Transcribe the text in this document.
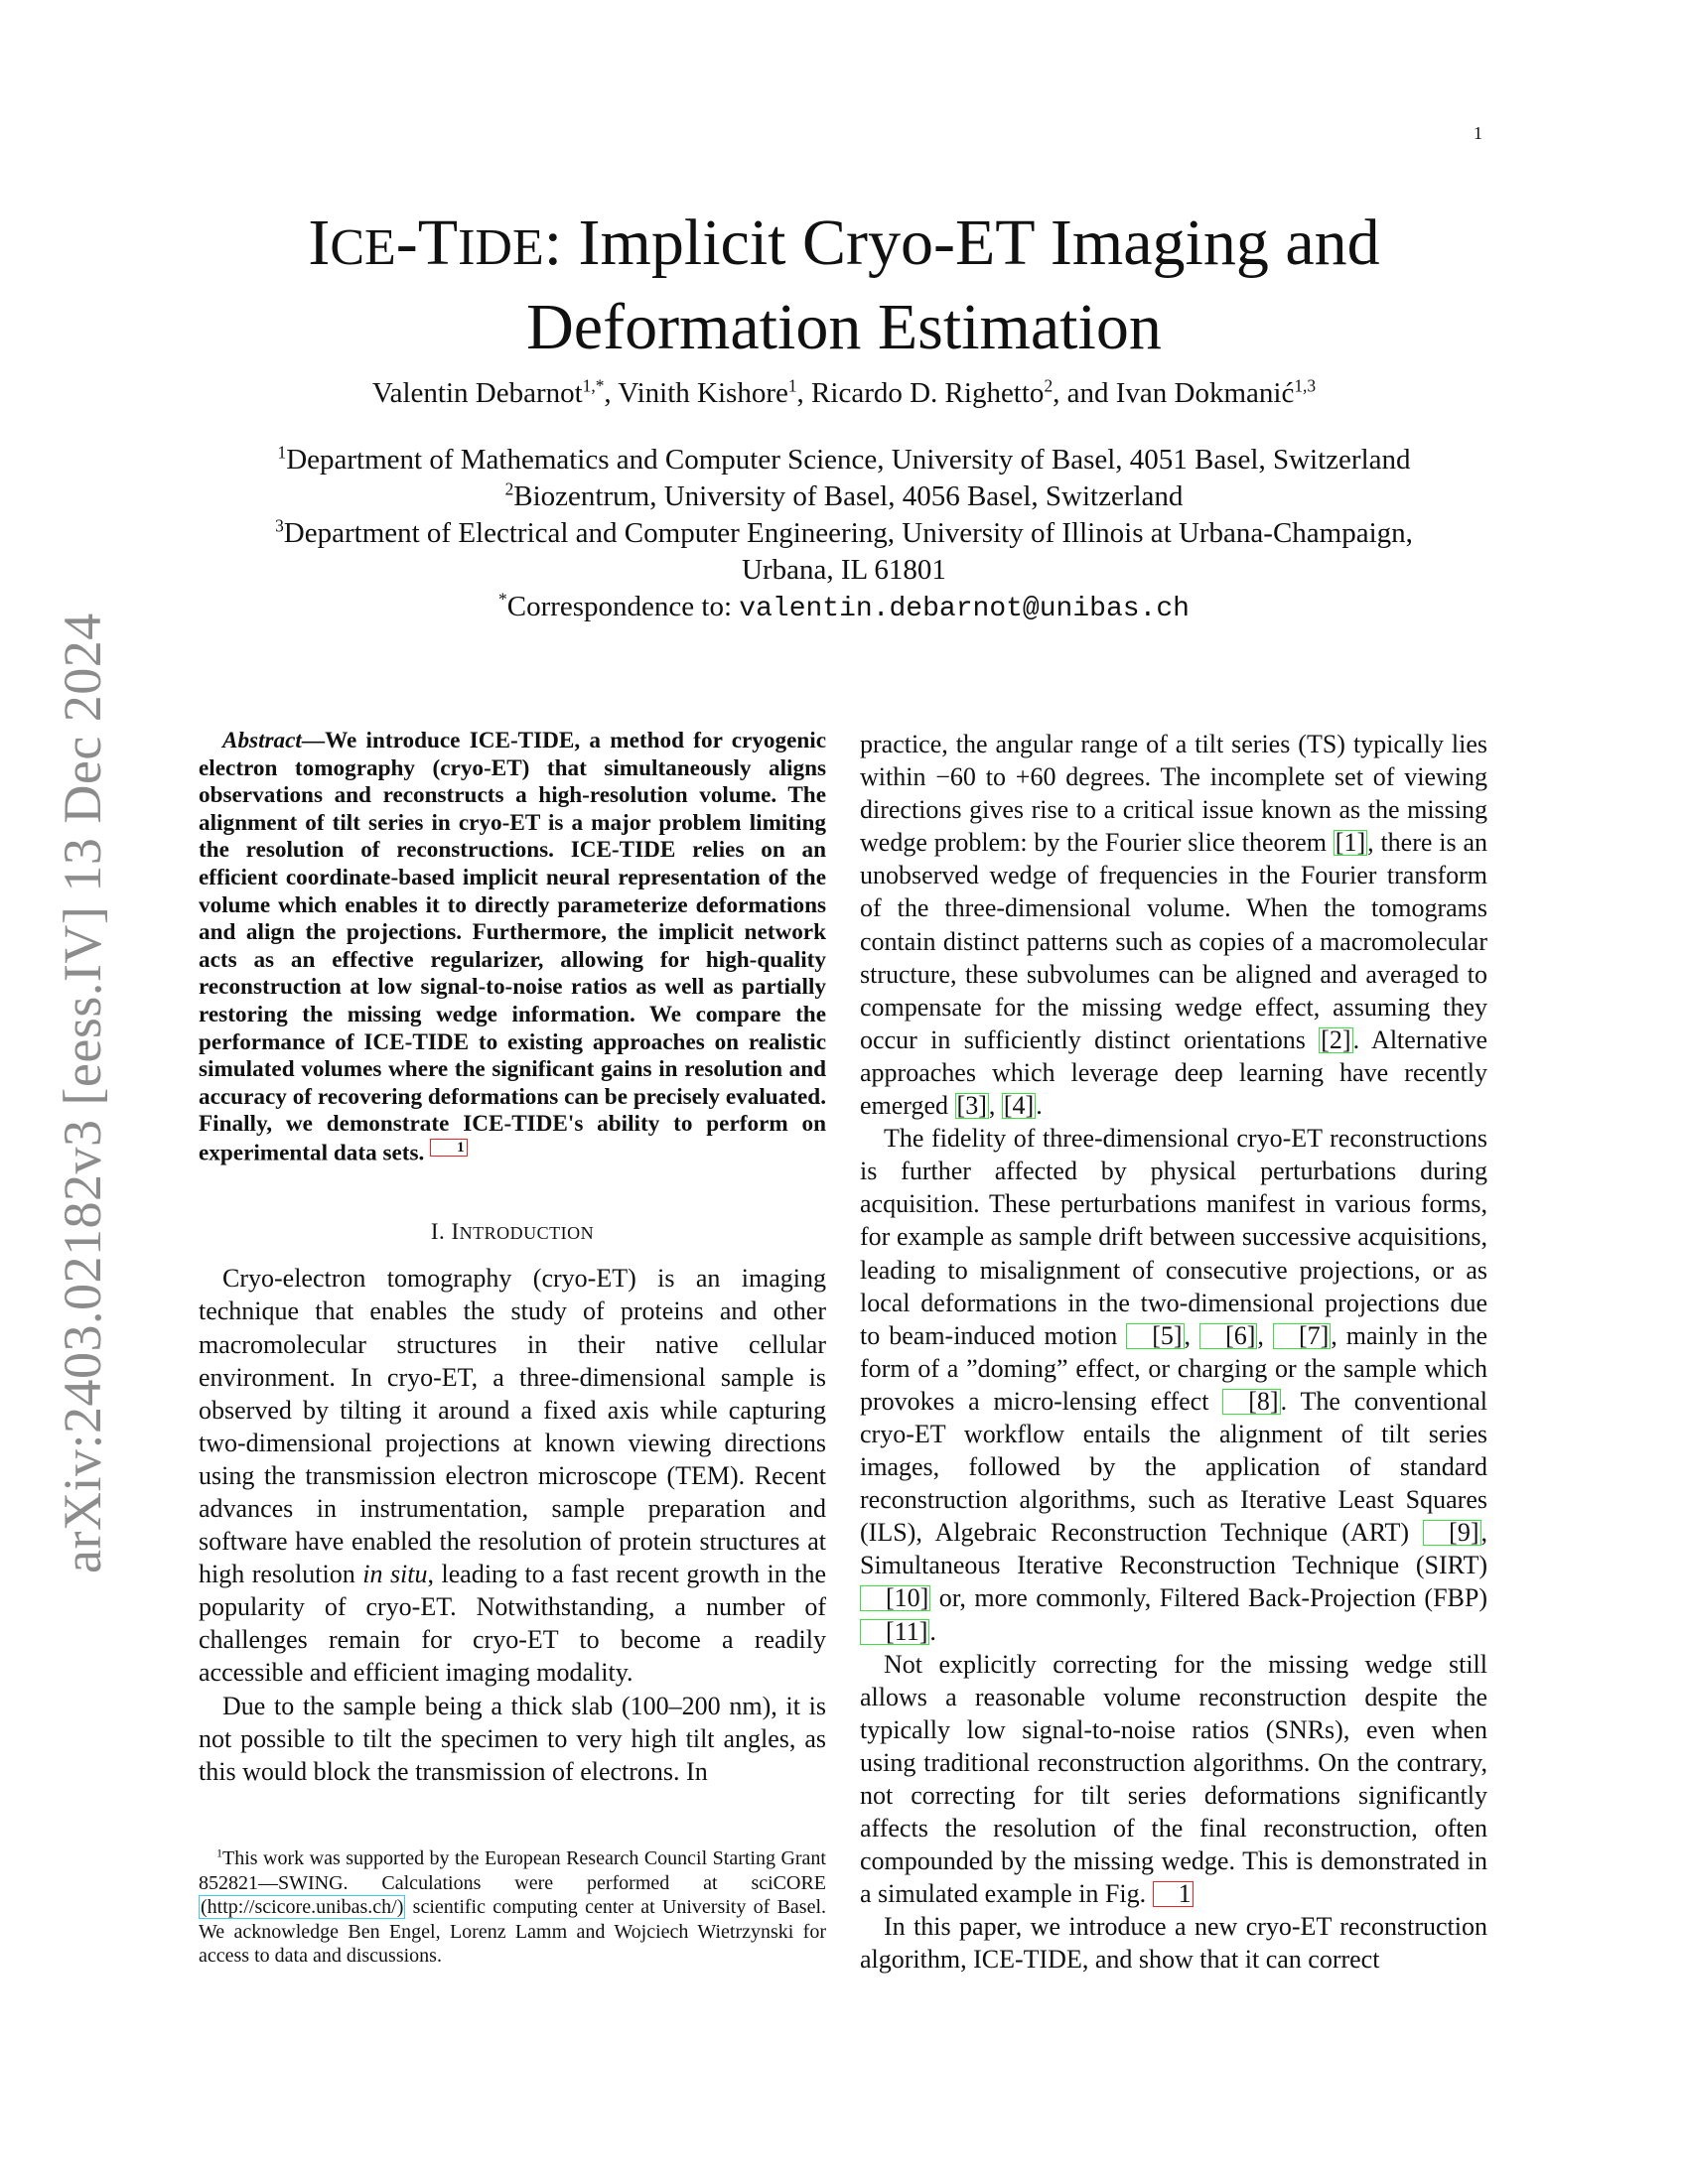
1
arXiv:2403.02182v3 [eess.IV] 13 Dec 2024
ICE-TIDE: Implicit Cryo-ET Imaging and
Deformation Estimation
Valentin Debarnot$^{1,*}$, Vinith Kishore$^1$, Ricardo D. Righetto$^2$, and Ivan Dokmanić$^{1,3}$

$^1$Department of Mathematics and Computer Science, University of Basel, 4051 Basel, Switzerland

$^2$Biozentrum, University of Basel, 4056 Basel, Switzerland

$^3$Department of Electrical and Computer Engineering, University of Illinois at Urbana-Champaign,

Urbana, IL 61801

*Correspondence to: valentin.debarnot@unibas.ch

Abstract—We introduce ICE-TIDE, a method for cryogenic electron tomography (cryo-ET) that simultaneously aligns observations and reconstructs a high-resolution volume. The alignment of tilt series in cryo-ET is a major problem limiting the resolution of reconstructions. ICE-TIDE relies on an efficient coordinate-based implicit neural representation of the volume which enables it to directly parameterize deformations and align the projections. Furthermore, the implicit network acts as an effective regularizer, allowing for high-quality reconstruction at low signal-to-noise ratios as well as partially restoring the missing wedge information. We compare the performance of ICE-TIDE to existing approaches on realistic simulated volumes where the significant gains in resolution and accuracy of recovering deformations can be precisely evaluated. Finally, we demonstrate ICE-TIDE's ability to perform on experimental data sets. 1

I. INTRODUCTION

Cryo-electron tomography (cryo-ET) is an imaging technique that enables the study of proteins and other macromolecular structures in their native cellular environment. In cryo-ET, a three-dimensional sample is observed by tilting it around a fixed axis while capturing two-dimensional projections at known viewing directions using the transmission electron microscope (TEM). Recent advances in instrumentation, sample preparation and software have enabled the resolution of protein structures at high resolution in situ, leading to a fast recent growth in the popularity of cryo-ET. Notwithstanding, a number of challenges remain for cryo-ET to become a readily accessible and efficient imaging modality.

Due to the sample being a thick slab (100–200 nm), it is not possible to tilt the specimen to very high tilt angles, as this would block the transmission of electrons. In

$^1$This work was supported by the European Research Council Starting Grant 852821—SWING. Calculations were performed at sciCORE (http://scicore.unibas.ch/) scientific computing center at University of Basel. We acknowledge Ben Engel, Lorenz Lamm and Wojciech Wietrzynski for access to data and discussions.

practice, the angular range of a tilt series (TS) typically lies within −60 to +60 degrees. The incomplete set of viewing directions gives rise to a critical issue known as the missing wedge problem: by the Fourier slice theorem [1], there is an unobserved wedge of frequencies in the Fourier transform of the three-dimensional volume. When the tomograms contain distinct patterns such as copies of a macromolecular structure, these subvolumes can be aligned and averaged to compensate for the missing wedge effect, assuming they occur in sufficiently distinct orientations [2]. Alternative approaches which leverage deep learning have recently emerged [3], [4].

The fidelity of three-dimensional cryo-ET reconstructions is further affected by physical perturbations during acquisition. These perturbations manifest in various forms, for example as sample drift between successive acquisitions, leading to misalignment of consecutive projections, or as local deformations in the two-dimensional projections due to beam-induced motion [5], [6], [7], mainly in the form of a ”doming” effect, or charging or the sample which provokes a micro-lensing effect [8]. The conventional cryo-ET workflow entails the alignment of tilt series images, followed by the application of standard reconstruction algorithms, such as Iterative Least Squares (ILS), Algebraic Reconstruction Technique (ART) [9], Simultaneous Iterative Reconstruction Technique (SIRT) [10] or, more commonly, Filtered Back-Projection (FBP) [11].

Not explicitly correcting for the missing wedge still allows a reasonable volume reconstruction despite the typically low signal-to-noise ratios (SNRs), even when using traditional reconstruction algorithms. On the contrary, not correcting for tilt series deformations significantly affects the resolution of the final reconstruction, often compounded by the missing wedge. This is demonstrated in a simulated example in Fig. 1

In this paper, we introduce a new cryo-ET reconstruction algorithm, ICE-TIDE, and show that it can correct
